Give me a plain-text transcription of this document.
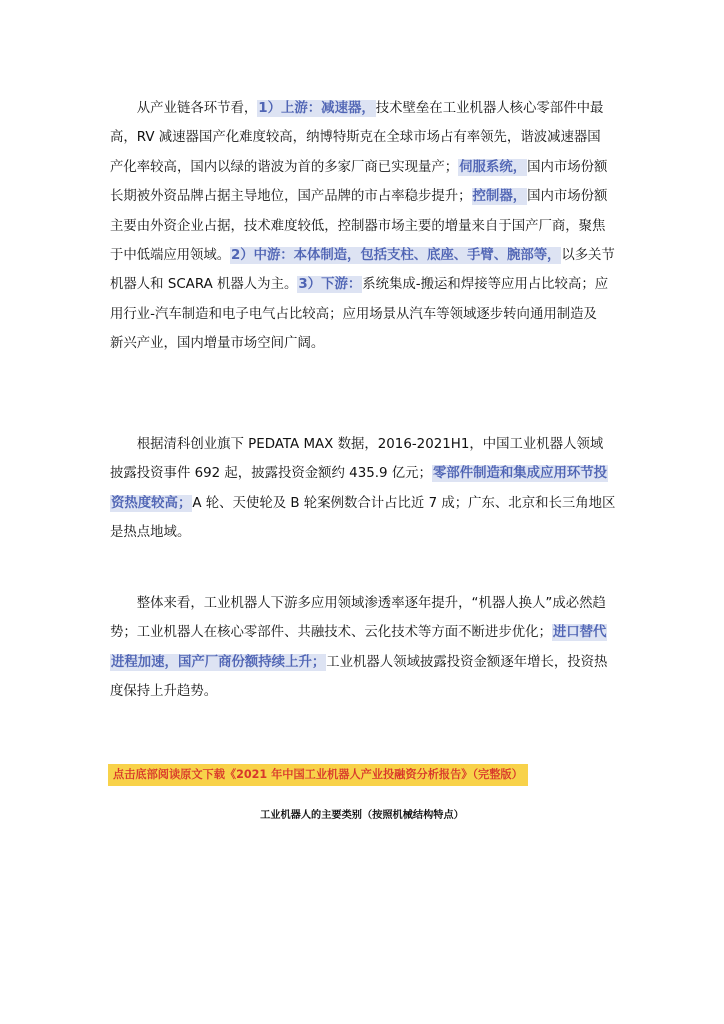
　　从产业链各环节看，1）上游：减速器，技术壁垒在工业机器人核心零部件中最
高，RV 减速器国产化难度较高，纳博特斯克在全球市场占有率领先，谐波减速器国
产化率较高，国内以绿的谐波为首的多家厂商已实现量产；伺服系统，国内市场份额
长期被外资品牌占据主导地位，国产品牌的市占率稳步提升；控制器，国内市场份额
主要由外资企业占据，技术难度较低，控制器市场主要的增量来自于国产厂商，聚焦
于中低端应用领域。2）中游：本体制造，包括支柱、底座、手臂、腕部等，以多关节
机器人和 SCARA 机器人为主。3）下游：系统集成-搬运和焊接等应用占比较高；应
用行业-汽车制造和电子电气占比较高；应用场景从汽车等领域逐步转向通用制造及
新兴产业，国内增量市场空间广阔。
　　根据清科创业旗下 PEDATA MAX 数据，2016-2021H1，中国工业机器人领域
披露投资事件 692 起，披露投资金额约 435.9 亿元；零部件制造和集成应用环节投
资热度较高；A 轮、天使轮及 B 轮案例数合计占比近 7 成；广东、北京和长三角地区
是热点地域。
　　整体来看，工业机器人下游多应用领域渗透率逐年提升，“机器人换人”成必然趋
势；工业机器人在核心零部件、共融技术、云化技术等方面不断进步优化；进口替代
进程加速，国产厂商份额持续上升；工业机器人领域披露投资金额逐年增长，投资热
度保持上升趋势。
点击底部阅读原文下载《2021 年中国工业机器人产业投融资分析报告》（完整版）
工业机器人的主要类别（按照机械结构特点）
